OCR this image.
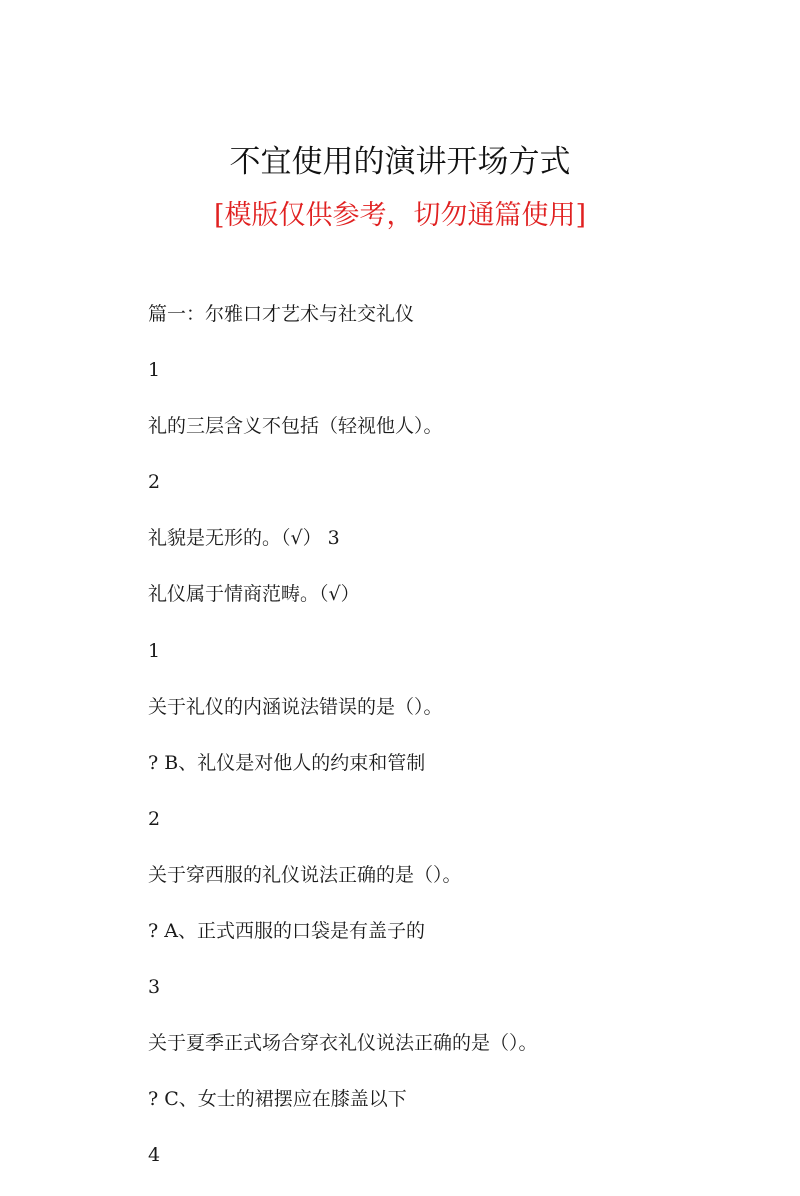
不宜使用的演讲开场方式
[模版仅供参考，切勿通篇使用]
篇一：尔雅口才艺术与社交礼仪
1
礼的三层含义不包括（轻视他人）。
2
礼貌是无形的。（√） 3
礼仪属于情商范畴。（√）
1
关于礼仪的内涵说法错误的是（）。
? B、礼仪是对他人的约束和管制
2
关于穿西服的礼仪说法正确的是（）。
? A、正式西服的口袋是有盖子的
3
关于夏季正式场合穿衣礼仪说法正确的是（）。
? C、女士的裙摆应在膝盖以下
4
